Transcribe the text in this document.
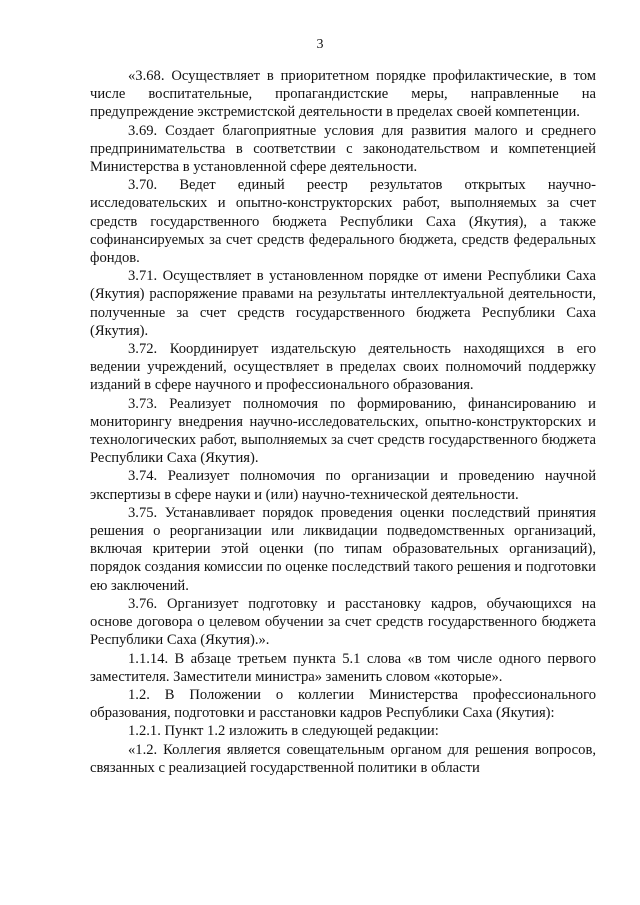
3

«3.68. Осуществляет в приоритетном порядке профилактические, в том числе воспитательные, пропагандистские меры, направленные на предупреждение экстремистской деятельности в пределах своей компетенции.

3.69. Создает благоприятные условия для развития малого и среднего предпринимательства в соответствии с законодательством и компетенцией Министерства в установленной сфере деятельности.

3.70. Ведет единый реестр результатов открытых научно-исследовательских и опытно-конструкторских работ, выполняемых за счет средств государственного бюджета Республики Саха (Якутия), а также софинансируемых за счет средств федерального бюджета, средств федеральных фондов.

3.71. Осуществляет в установленном порядке от имени Республики Саха (Якутия) распоряжение правами на результаты интеллектуальной деятельности, полученные за счет средств государственного бюджета Республики Саха (Якутия).

3.72. Координирует издательскую деятельность находящихся в его ведении учреждений, осуществляет в пределах своих полномочий поддержку изданий в сфере научного и профессионального образования.

3.73. Реализует полномочия по формированию, финансированию и мониторингу внедрения научно-исследовательских, опытно-конструкторских и технологических работ, выполняемых за счет средств государственного бюджета Республики Саха (Якутия).

3.74. Реализует полномочия по организации и проведению научной экспертизы в сфере науки и (или) научно-технической деятельности.

3.75. Устанавливает порядок проведения оценки последствий принятия решения о реорганизации или ликвидации подведомственных организаций, включая критерии этой оценки (по типам образовательных организаций), порядок создания комиссии по оценке последствий такого решения и подготовки ею заключений.

3.76. Организует подготовку и расстановку кадров, обучающихся на основе договора о целевом обучении за счет средств государственного бюджета Республики Саха (Якутия).».

1.1.14. В абзаце третьем пункта 5.1 слова «в том числе одного первого заместителя. Заместители министра» заменить словом «которые».

1.2. В Положении о коллегии Министерства профессионального образования, подготовки и расстановки кадров Республики Саха (Якутия):

1.2.1. Пункт 1.2 изложить в следующей редакции:

«1.2. Коллегия является совещательным органом для решения вопросов, связанных с реализацией государственной политики в области
